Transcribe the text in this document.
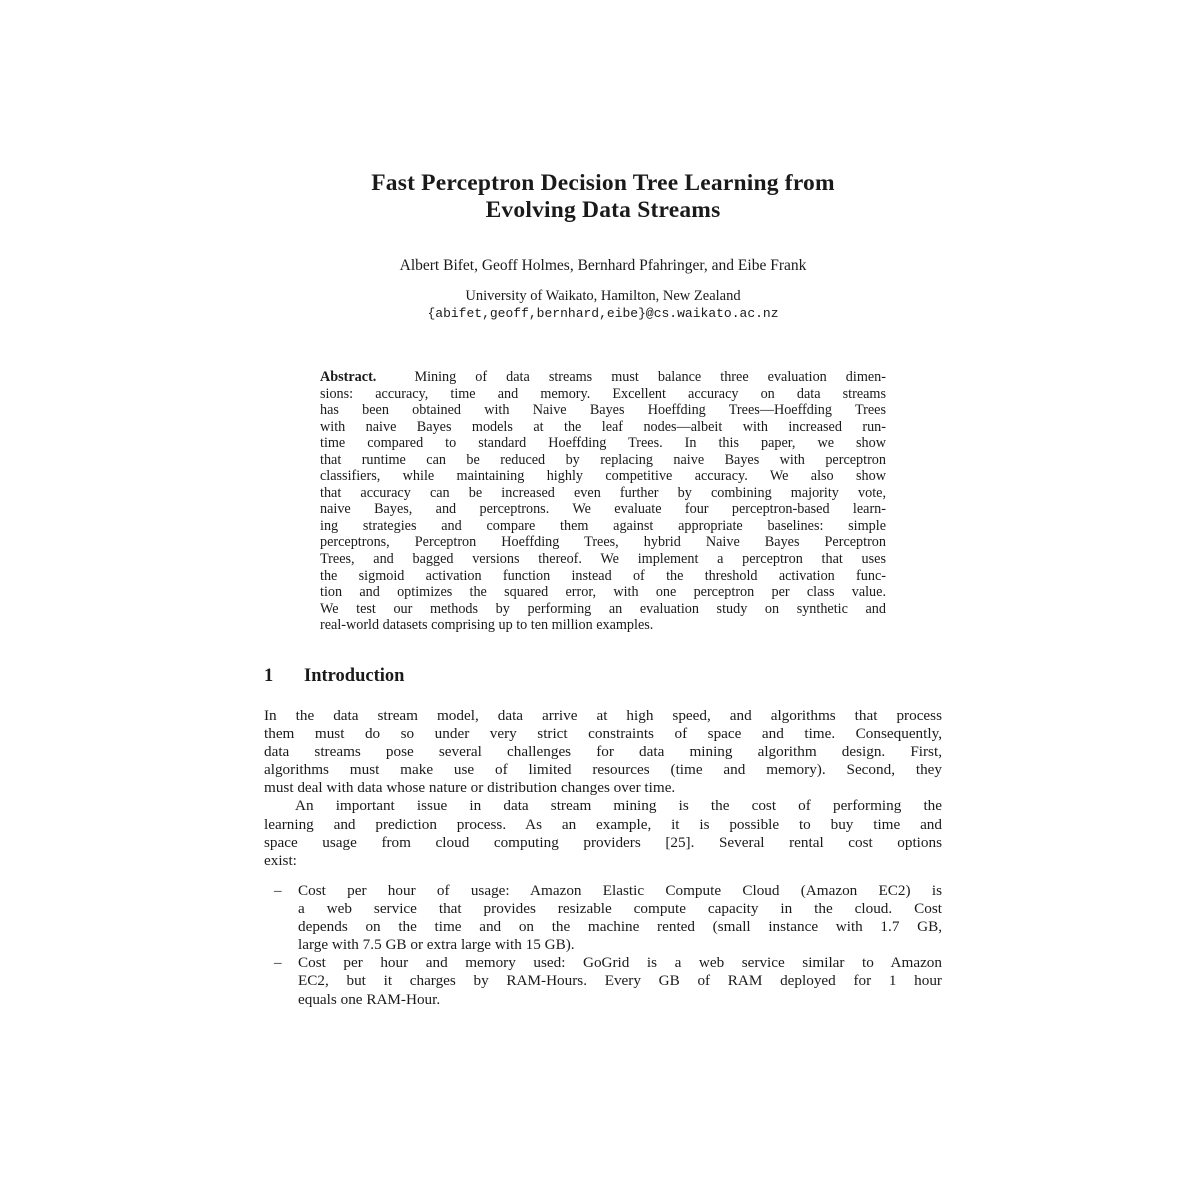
Fast Perceptron Decision Tree Learning from
Evolving Data Streams
Albert Bifet, Geoff Holmes, Bernhard Pfahringer, and Eibe Frank
University of Waikato, Hamilton, New Zealand
{abifet,geoff,bernhard,eibe}@cs.waikato.ac.nz
Abstract.	Mining of data streams must balance three evaluation dimen-
sions: accuracy, time and memory. Excellent accuracy on data streams
has been obtained with Naive Bayes Hoeffding Trees—Hoeffding Trees
with naive Bayes models at the leaf nodes—albeit with increased run-
time compared to standard Hoeffding Trees. In this paper, we show
that runtime can be reduced by replacing naive Bayes with perceptron
classifiers, while maintaining highly competitive accuracy. We also show
that accuracy can be increased even further by combining majority vote,
naive Bayes, and perceptrons. We evaluate four perceptron-based learn-
ing strategies and compare them against appropriate baselines: simple
perceptrons, Perceptron Hoeffding Trees, hybrid Naive Bayes Perceptron
Trees, and bagged versions thereof. We implement a perceptron that uses
the sigmoid activation function instead of the threshold activation func-
tion and optimizes the squared error, with one perceptron per class value.
We test our methods by performing an evaluation study on synthetic and
real-world datasets comprising up to ten million examples.
1 Introduction
In the data stream model, data arrive at high speed, and algorithms that process
them must do so under very strict constraints of space and time. Consequently,
data streams pose several challenges for data mining algorithm design. First,
algorithms must make use of limited resources (time and memory). Second, they
must deal with data whose nature or distribution changes over time.
An important issue in data stream mining is the cost of performing the
learning and prediction process. As an example, it is possible to buy time and
space usage from cloud computing providers [25]. Several rental cost options
exist:
– Cost per hour of usage: Amazon Elastic Compute Cloud (Amazon EC2) is
a web service that provides resizable compute capacity in the cloud. Cost
depends on the time and on the machine rented (small instance with 1.7 GB,
large with 7.5 GB or extra large with 15 GB).
– Cost per hour and memory used: GoGrid is a web service similar to Amazon
EC2, but it charges by RAM-Hours. Every GB of RAM deployed for 1 hour
equals one RAM-Hour.
